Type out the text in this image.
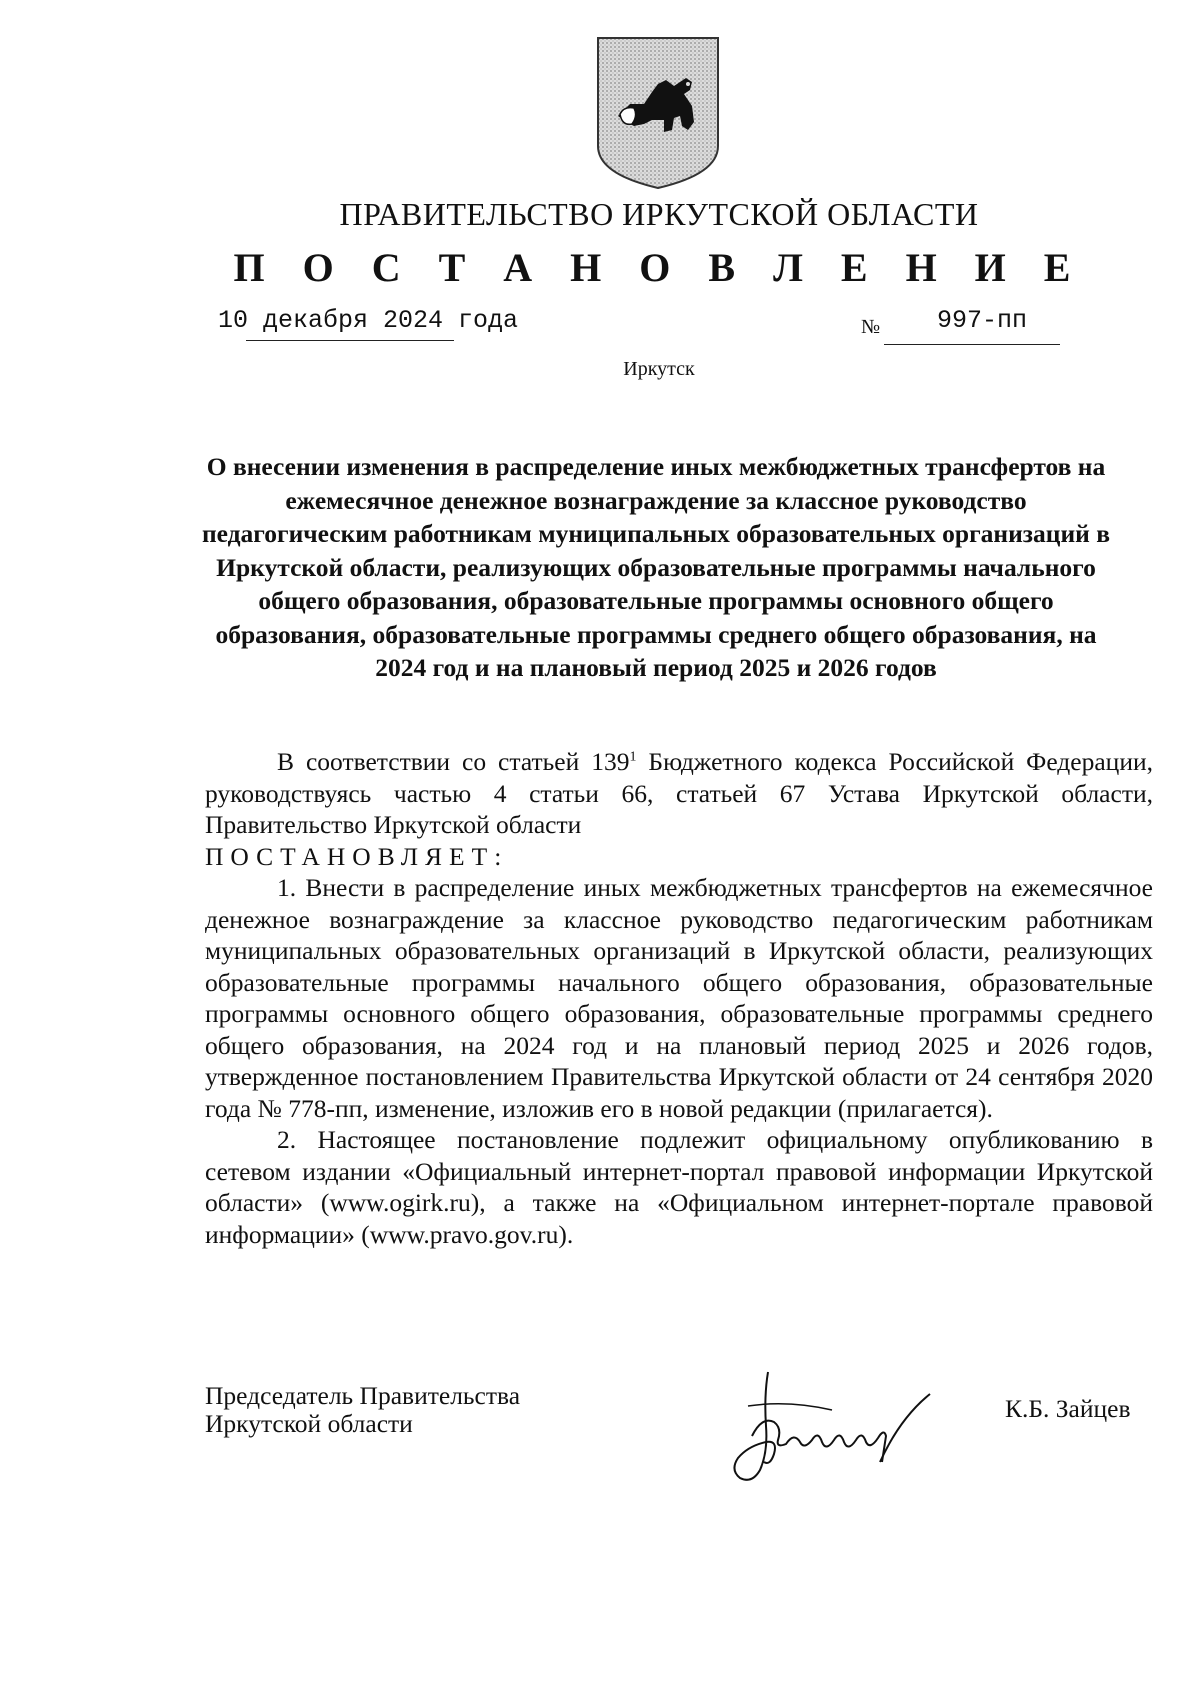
ПРАВИТЕЛЬСТВО ИРКУТСКОЙ ОБЛАСТИ
П О С Т А Н О В Л Е Н И Е
10 декабря 2024 года	№ 997-пп
Иркутск
О внесении изменения в распределение иных межбюджетных трансфертов на ежемесячное денежное вознаграждение за классное руководство педагогическим работникам муниципальных образовательных организаций в Иркутской области, реализующих образовательные программы начального общего образования, образовательные программы основного общего образования, образовательные программы среднего общего образования, на 2024 год и на плановый период 2025 и 2026 годов

В соответствии со статьей $139^1$ Бюджетного кодекса Российской Федерации, руководствуясь частью 4 статьи 66, статьей 67 Устава Иркутской области, Правительство Иркутской области

ПОСТАНОВЛЯЕТ:

1. Внести в распределение иных межбюджетных трансфертов на ежемесячное денежное вознаграждение за классное руководство педагогическим работникам муниципальных образовательных организаций в Иркутской области, реализующих образовательные программы начального общего образования, образовательные программы основного общего образования, образовательные программы среднего общего образования, на 2024 год и на плановый период 2025 и 2026 годов, утвержденное постановлением Правительства Иркутской области от 24 сентября 2020 года № 778-пп, изменение, изложив его в новой редакции (прилагается).

2. Настоящее постановление подлежит официальному опубликованию в сетевом издании «Официальный интернет-портал правовой информации Иркутской области» (www.ogirk.ru), а также на «Официальном интернет-портале правовой информации» (www.pravo.gov.ru).

Председатель Правительства
Иркутской области
К.Б. Зайцев
